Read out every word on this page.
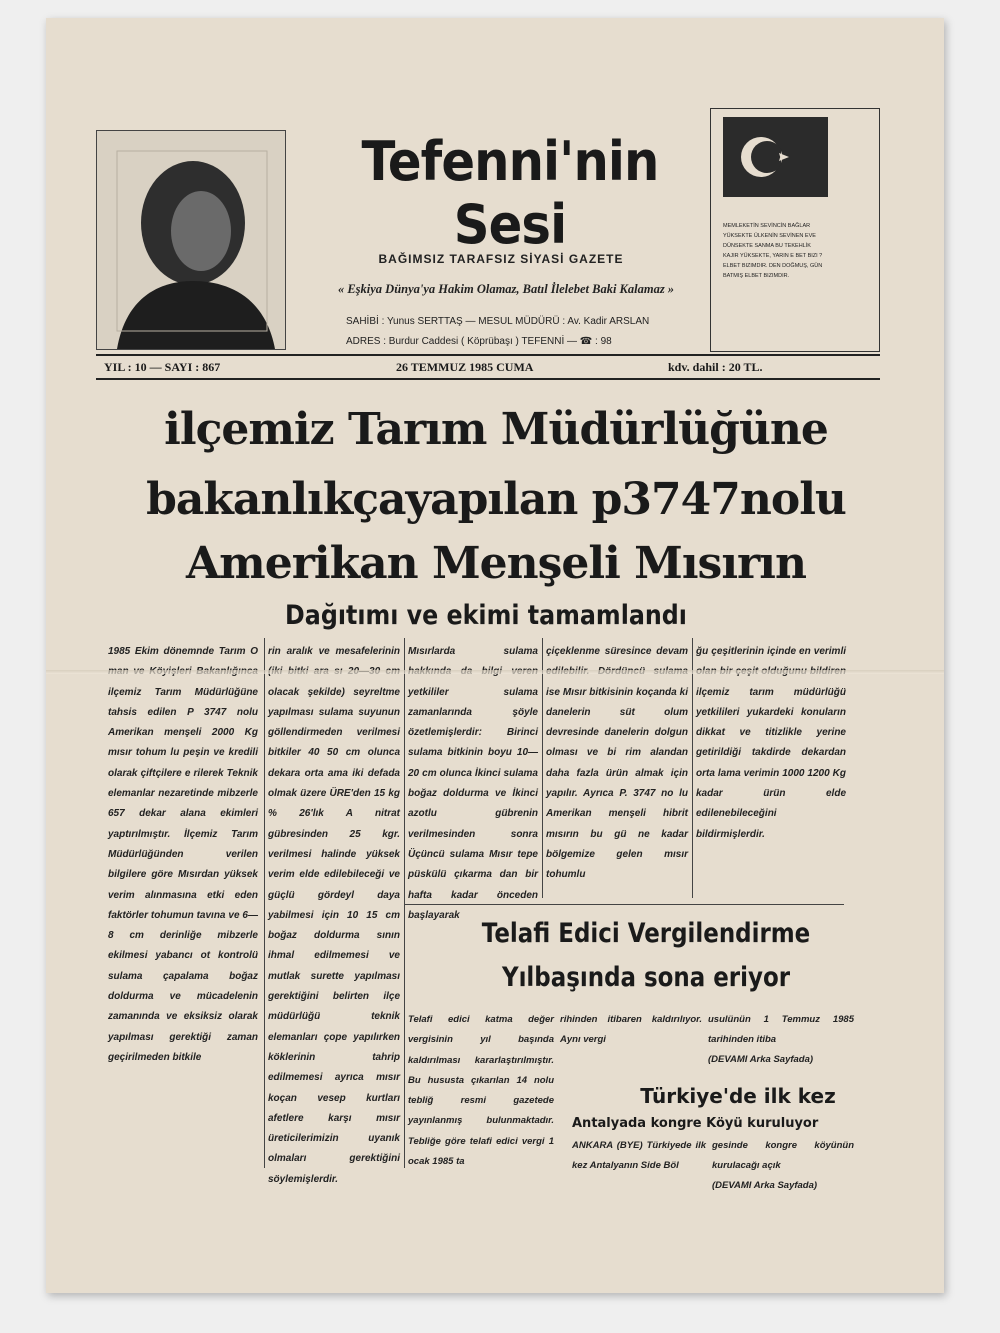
Tefenni'nin Sesi
BAĞIMSIZ TARAFSIZ SİYASİ GAZETE
« Eşkiya Dünya'ya Hakim Olamaz, Batıl İlelebet Baki Kalamaz »
SAHİBİ : Yunus SERTTAŞ — MESUL MÜDÜRÜ : Av. Kadir ARSLAN
ADRES : Burdur Caddesi ( Köprübaşı ) TEFENNİ — ☎ : 98
MEMLEKETİN SEVİNCİN BAĞLAR YÜKSEKTE ÜLKENİN SEVİNEN EVE DÜNSEKTE SANMA BU TEKEHLİK KAJIR YÜKSEKTE, YARIN E BET BIZI ? ELBET BIZIMDIR. DEN DOĞMUŞ, GÜN BATMIŞ ELBET BIZIMDIR.
YIL : 10 — SAYI : 867	26 TEMMUZ 1985 CUMA	kdv. dahil : 20 TL.
ilçemiz Tarım Müdürlüğüne
bakanlıkçayapılan p3747nolu
Amerikan Menşeli Mısırın
Dağıtımı ve ekimi tamamlandı
1985 Ekim dönemnde Tarım O ilçemiz Tarım Müdürlüğüne tahsis edilen P 3747 nolu Amerikan menşeli 2000 Kg mısır tohum lu peşin ve kredili olarak çiftçilere e rilerek Teknik elemanlar nezaretinde mibzerle 657 dekar alana ekimleri yaptırılmıştır. İlçemiz Tarım Müdürlüğünden verilen bilgilere göre Mısırdan yüksek verim alınmasına etki eden faktörler tohumun tavına ve 6—8 cm derinliğe mibzerle ekilmesi yabancı ot kontrolü sulama çapalama boğaz doldurma ve mücadelenin zamanında ve eksiksiz olarak yapılması gerektiği zaman geçirilmeden bitkile
rin aralık ve mesafelerinin olacak şekilde) seyreltme yapılması sulama suyunun göllendirmeden verilmesi bitkiler 40 50 cm olunca dekara orta ama iki defada olmak üzere ÜRE'den 15 kg % 26'lık A nitrat gübresinden 25 kgr. verilmesi halinde yüksek verim elde edilebileceği ve güçlü gördeyl daya yabilmesi için 10 15 cm boğaz doldurma sının ihmal edilmemesi ve mutlak surette yapılması gerektiğini belirten ilçe müdürlüğü teknik elemanları çope yapılırken köklerinin tahrip edilmemesi ayrıca mısır koçan vesep kurtları afetlere karşı mısır üreticilerimizin uyanık olmaları gerektiğini söylemişlerdir.
Mısırlarda sulama yetkililer sulama zamanlarında şöyle özetlemişlerdir: Birinci sulama bitkinin boyu 10—20 cm olunca İkinci sulama boğaz doldurma ve İkinci azotlu gübrenin verilmesinden sonra Üçüncü sulama Mısır tepe püskülü çıkarma dan bir hafta kadar önceden başlayarak
çiçeklenme süresince devam ise Mısır bitkisinin koçanda ki danelerin süt olum devresinde danelerin dolgun olması ve bi rim alandan daha fazla ürün almak için yapılır. Ayrıca P. 3747 no lu Amerikan menşeli hibrit mısırın bu gü ne kadar bölgemize gelen mısır tohumlu
ğu çeşitlerinin içinde en verimli ilçemiz tarım müdürlüğü yetkilileri yukardeki konuların dikkat ve titizlikle yerine getirildiği takdirde dekardan orta lama verimin 1000 1200 Kg kadar ürün elde edilenebileceğini bildirmişlerdir.
Telafi Edici Vergilendirme
Yılbaşında sona eriyor
Telafi edici katma değer vergisinin yıl başında kaldırılması kararlaştırılmıştır. Bu hususta çıkarılan 14 nolu tebliğ resmi gazetede yayınlanmış bulunmaktadır. Tebliğe göre telafi edici vergi 1 ocak 1985 ta
rihinden itibaren kaldırılıyor. Aynı vergi
usulünün 1 Temmuz 1985 tarihinden itiba
(DEVAMI Arka Sayfada)
Türkiye'de ilk kez
Antalyada kongre Köyü kuruluyor
ANKARA (BYE) Türkiyede ilk kez Antalyanın Side Böl
gesinde kongre köyünün kurulacağı açık
(DEVAMI Arka Sayfada)
